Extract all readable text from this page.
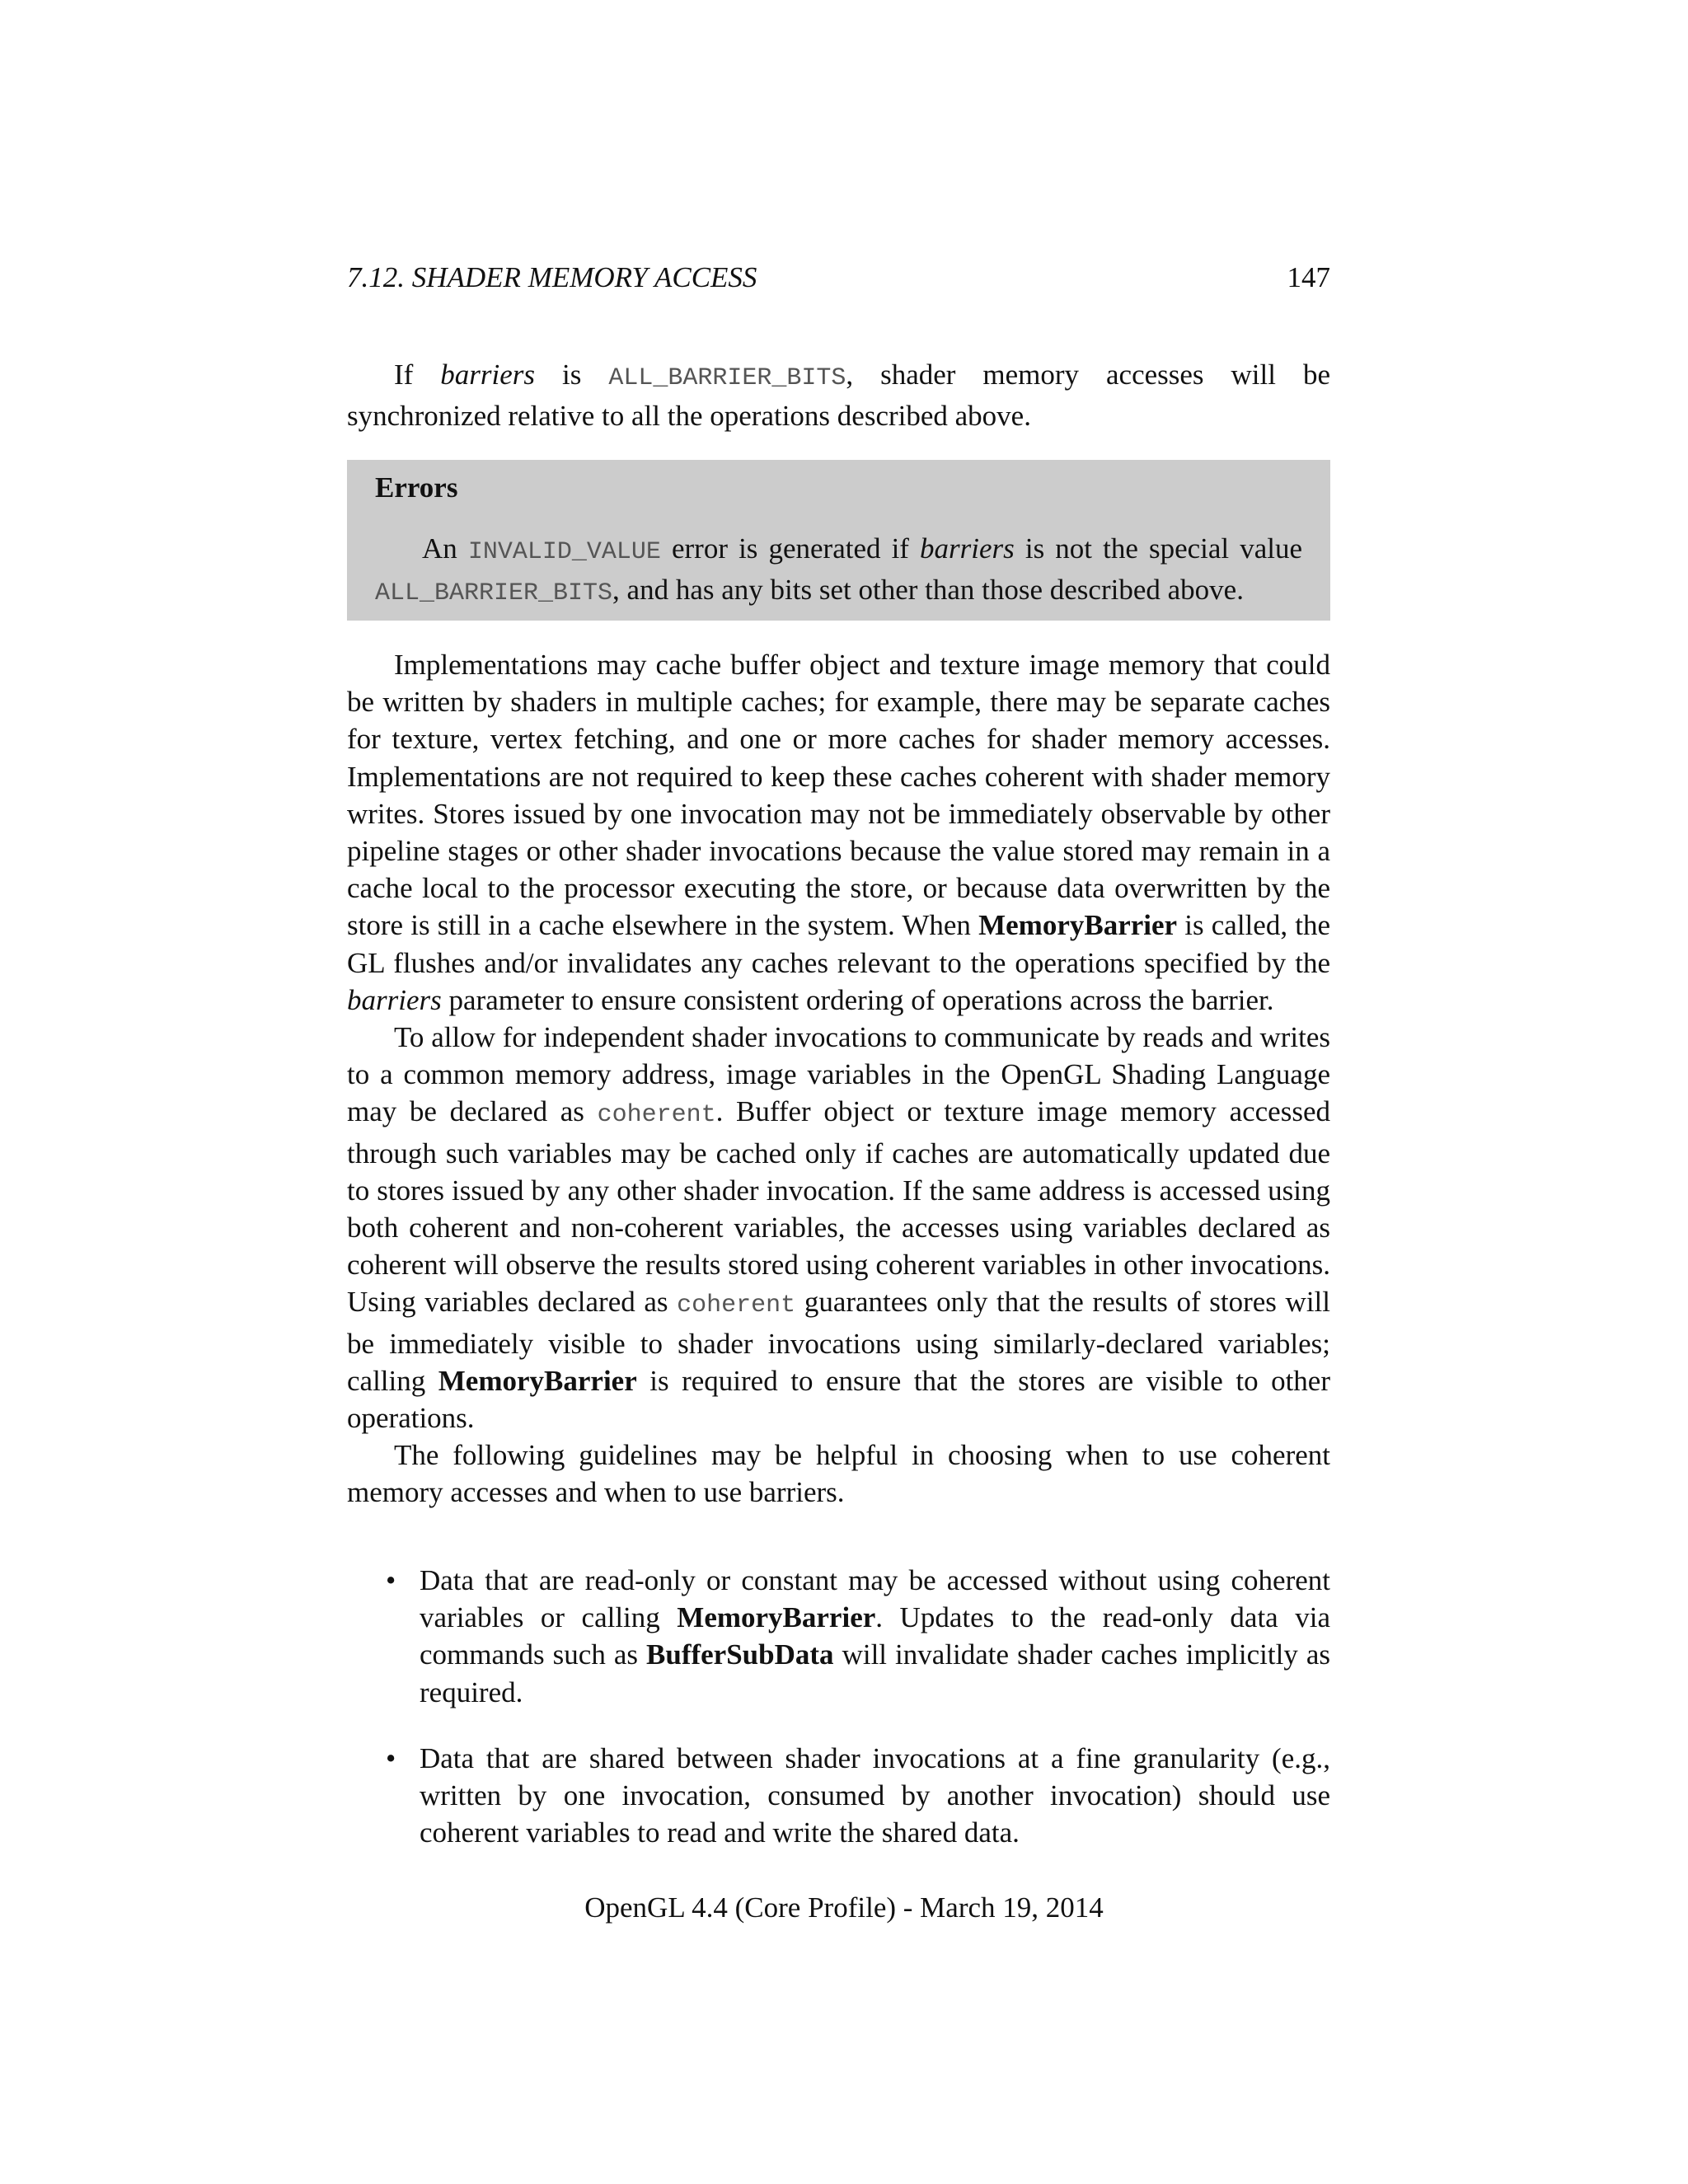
7.12. SHADER MEMORY ACCESS	147

If barriers is ALL_BARRIER_BITS, shader memory accesses will be synchronized relative to all the operations described above.

Errors

An INVALID_VALUE error is generated if barriers is not the special value ALL_BARRIER_BITS, and has any bits set other than those described above.

Implementations may cache buffer object and texture image memory that could be written by shaders in multiple caches; for example, there may be separate caches for texture, vertex fetching, and one or more caches for shader memory accesses. Implementations are not required to keep these caches coherent with shader memory writes. Stores issued by one invocation may not be immediately observable by other pipeline stages or other shader invocations because the value stored may remain in a cache local to the processor executing the store, or because data overwritten by the store is still in a cache elsewhere in the system. When MemoryBarrier is called, the GL flushes and/or invalidates any caches relevant to the operations specified by the barriers parameter to ensure consistent ordering of operations across the barrier.

To allow for independent shader invocations to communicate by reads and writes to a common memory address, image variables in the OpenGL Shading Language may be declared as coherent. Buffer object or texture image memory accessed through such variables may be cached only if caches are automatically updated due to stores issued by any other shader invocation. If the same address is accessed using both coherent and non-coherent variables, the accesses using variables declared as coherent will observe the results stored using coherent variables in other invocations. Using variables declared as coherent guarantees only that the results of stores will be immediately visible to shader invocations using similarly-declared variables; calling MemoryBarrier is required to ensure that the stores are visible to other operations.

The following guidelines may be helpful in choosing when to use coherent memory accesses and when to use barriers.

• Data that are read-only or constant may be accessed without using coherent variables or calling MemoryBarrier. Updates to the read-only data via commands such as BufferSubData will invalidate shader caches implicitly as required.

• Data that are shared between shader invocations at a fine granularity (e.g., written by one invocation, consumed by another invocation) should use coherent variables to read and write the shared data.

OpenGL 4.4 (Core Profile) - March 19, 2014
